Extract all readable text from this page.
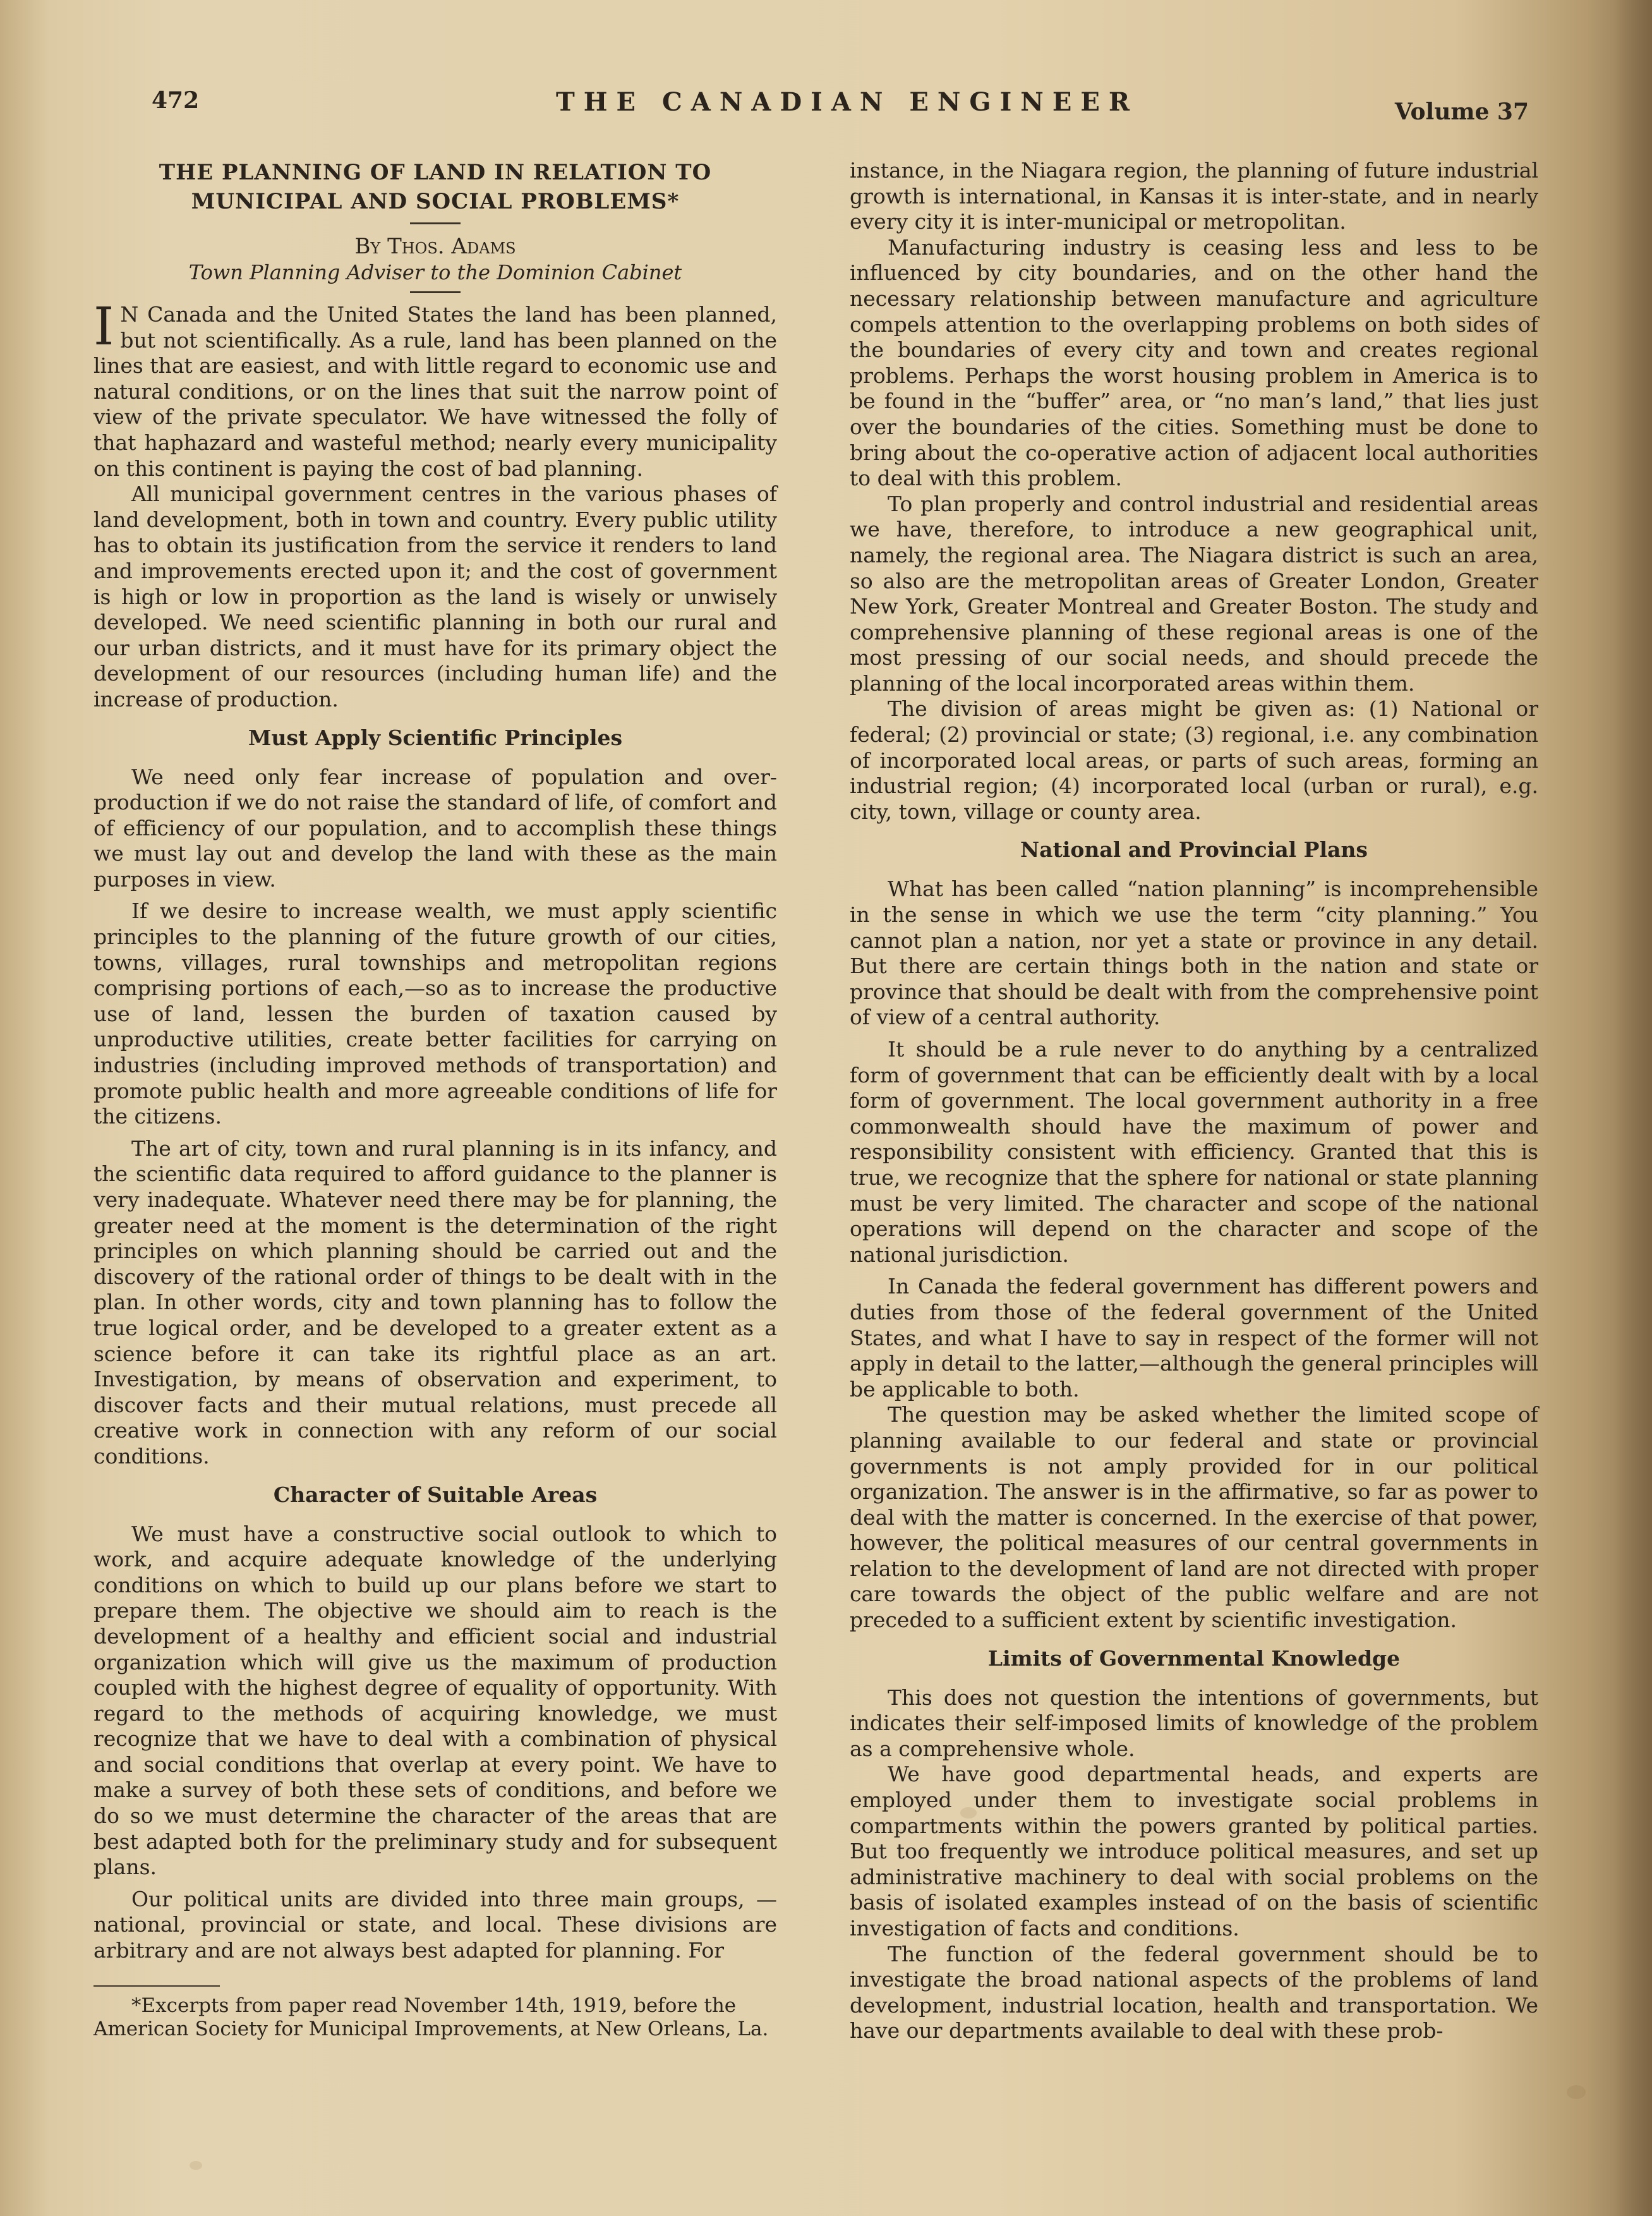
472	THE CANADIAN ENGINEER	Volume 37
THE PLANNING OF LAND IN RELATION TO MUNICIPAL AND SOCIAL PROBLEMS*
By Thos. Adams
Town Planning Adviser to the Dominion Cabinet

I N Canada and the United States the land has been planned, but not scientifically. As a rule, land has been planned on the lines that are easiest, and with little regard to economic use and natural conditions, or on the lines that suit the narrow point of view of the private speculator. We have witnessed the folly of that haphazard and wasteful method; nearly every municipality on this continent is paying the cost of bad planning.

All municipal government centres in the various phases of land development, both in town and country. Every public utility has to obtain its justification from the service it renders to land and improvements erected upon it; and the cost of government is high or low in proportion as the land is wisely or unwisely developed. We need scientific planning in both our rural and our urban districts, and it must have for its primary object the development of our resources (including human life) and the increase of production.

Must Apply Scientific Principles

We need only fear increase of population and over-production if we do not raise the standard of life, of comfort and of efficiency of our population, and to accomplish these things we must lay out and develop the land with these as the main purposes in view.

If we desire to increase wealth, we must apply scientific principles to the planning of the future growth of our cities, towns, villages, rural townships and metropolitan regions comprising portions of each,—so as to increase the productive use of land, lessen the burden of taxation caused by unproductive utilities, create better facilities for carrying on industries (including improved methods of transportation) and promote public health and more agreeable conditions of life for the citizens.

The art of city, town and rural planning is in its infancy, and the scientific data required to afford guidance to the planner is very inadequate. Whatever need there may be for planning, the greater need at the moment is the determination of the right principles on which planning should be carried out and the discovery of the rational order of things to be dealt with in the plan. In other words, city and town planning has to follow the true logical order, and be developed to a greater extent as a science before it can take its rightful place as an art. Investigation, by means of observation and experiment, to discover facts and their mutual relations, must precede all creative work in connection with any reform of our social conditions.

Character of Suitable Areas

We must have a constructive social outlook to which to work, and acquire adequate knowledge of the underlying conditions on which to build up our plans before we start to prepare them. The objective we should aim to reach is the development of a healthy and efficient social and industrial organization which will give us the maximum of production coupled with the highest degree of equality of opportunity. With regard to the methods of acquiring knowledge, we must recognize that we have to deal with a combination of physical and social conditions that overlap at every point. We have to make a survey of both these sets of conditions, and before we do so we must determine the character of the areas that are best adapted both for the preliminary study and for subsequent plans.

Our political units are divided into three main groups, —national, provincial or state, and local. These divisions are arbitrary and are not always best adapted for planning. For

*Excerpts from paper read November 14th, 1919, before the American Society for Municipal Improvements, at New Orleans, La.

instance, in the Niagara region, the planning of future industrial growth is international, in Kansas it is inter-state, and in nearly every city it is inter-municipal or metropolitan.

Manufacturing industry is ceasing less and less to be influenced by city boundaries, and on the other hand the necessary relationship between manufacture and agriculture compels attention to the overlapping problems on both sides of the boundaries of every city and town and creates regional problems. Perhaps the worst housing problem in America is to be found in the “buffer” area, or “no man’s land,” that lies just over the boundaries of the cities. Something must be done to bring about the co-operative action of adjacent local authorities to deal with this problem.

To plan properly and control industrial and residential areas we have, therefore, to introduce a new geographical unit, namely, the regional area. The Niagara district is such an area, so also are the metropolitan areas of Greater London, Greater New York, Greater Montreal and Greater Boston. The study and comprehensive planning of these regional areas is one of the most pressing of our social needs, and should precede the planning of the local incorporated areas within them.

The division of areas might be given as: (1) National or federal; (2) provincial or state; (3) regional, i.e. any combination of incorporated local areas, or parts of such areas, forming an industrial region; (4) incorporated local (urban or rural), e.g. city, town, village or county area.

National and Provincial Plans

What has been called “nation planning” is incomprehensible in the sense in which we use the term “city planning.” You cannot plan a nation, nor yet a state or province in any detail. But there are certain things both in the nation and state or province that should be dealt with from the comprehensive point of view of a central authority.

It should be a rule never to do anything by a centralized form of government that can be efficiently dealt with by a local form of government. The local government authority in a free commonwealth should have the maximum of power and responsibility consistent with efficiency. Granted that this is true, we recognize that the sphere for national or state planning must be very limited. The character and scope of the national operations will depend on the character and scope of the national jurisdiction.

In Canada the federal government has different powers and duties from those of the federal government of the United States, and what I have to say in respect of the former will not apply in detail to the latter,—although the general principles will be applicable to both.

The question may be asked whether the limited scope of planning available to our federal and state or provincial governments is not amply provided for in our political organization. The answer is in the affirmative, so far as power to deal with the matter is concerned. In the exercise of that power, however, the political measures of our central governments in relation to the development of land are not directed with proper care towards the object of the public welfare and are not preceded to a sufficient extent by scientific investigation.

Limits of Governmental Knowledge

This does not question the intentions of governments, but indicates their self-imposed limits of knowledge of the problem as a comprehensive whole.

We have good departmental heads, and experts are employed under them to investigate social problems in compartments within the powers granted by political parties. But too frequently we introduce political measures, and set up administrative machinery to deal with social problems on the basis of isolated examples instead of on the basis of scientific investigation of facts and conditions.

The function of the federal government should be to investigate the broad national aspects of the problems of land development, industrial location, health and transportation. We have our departments available to deal with these prob-
